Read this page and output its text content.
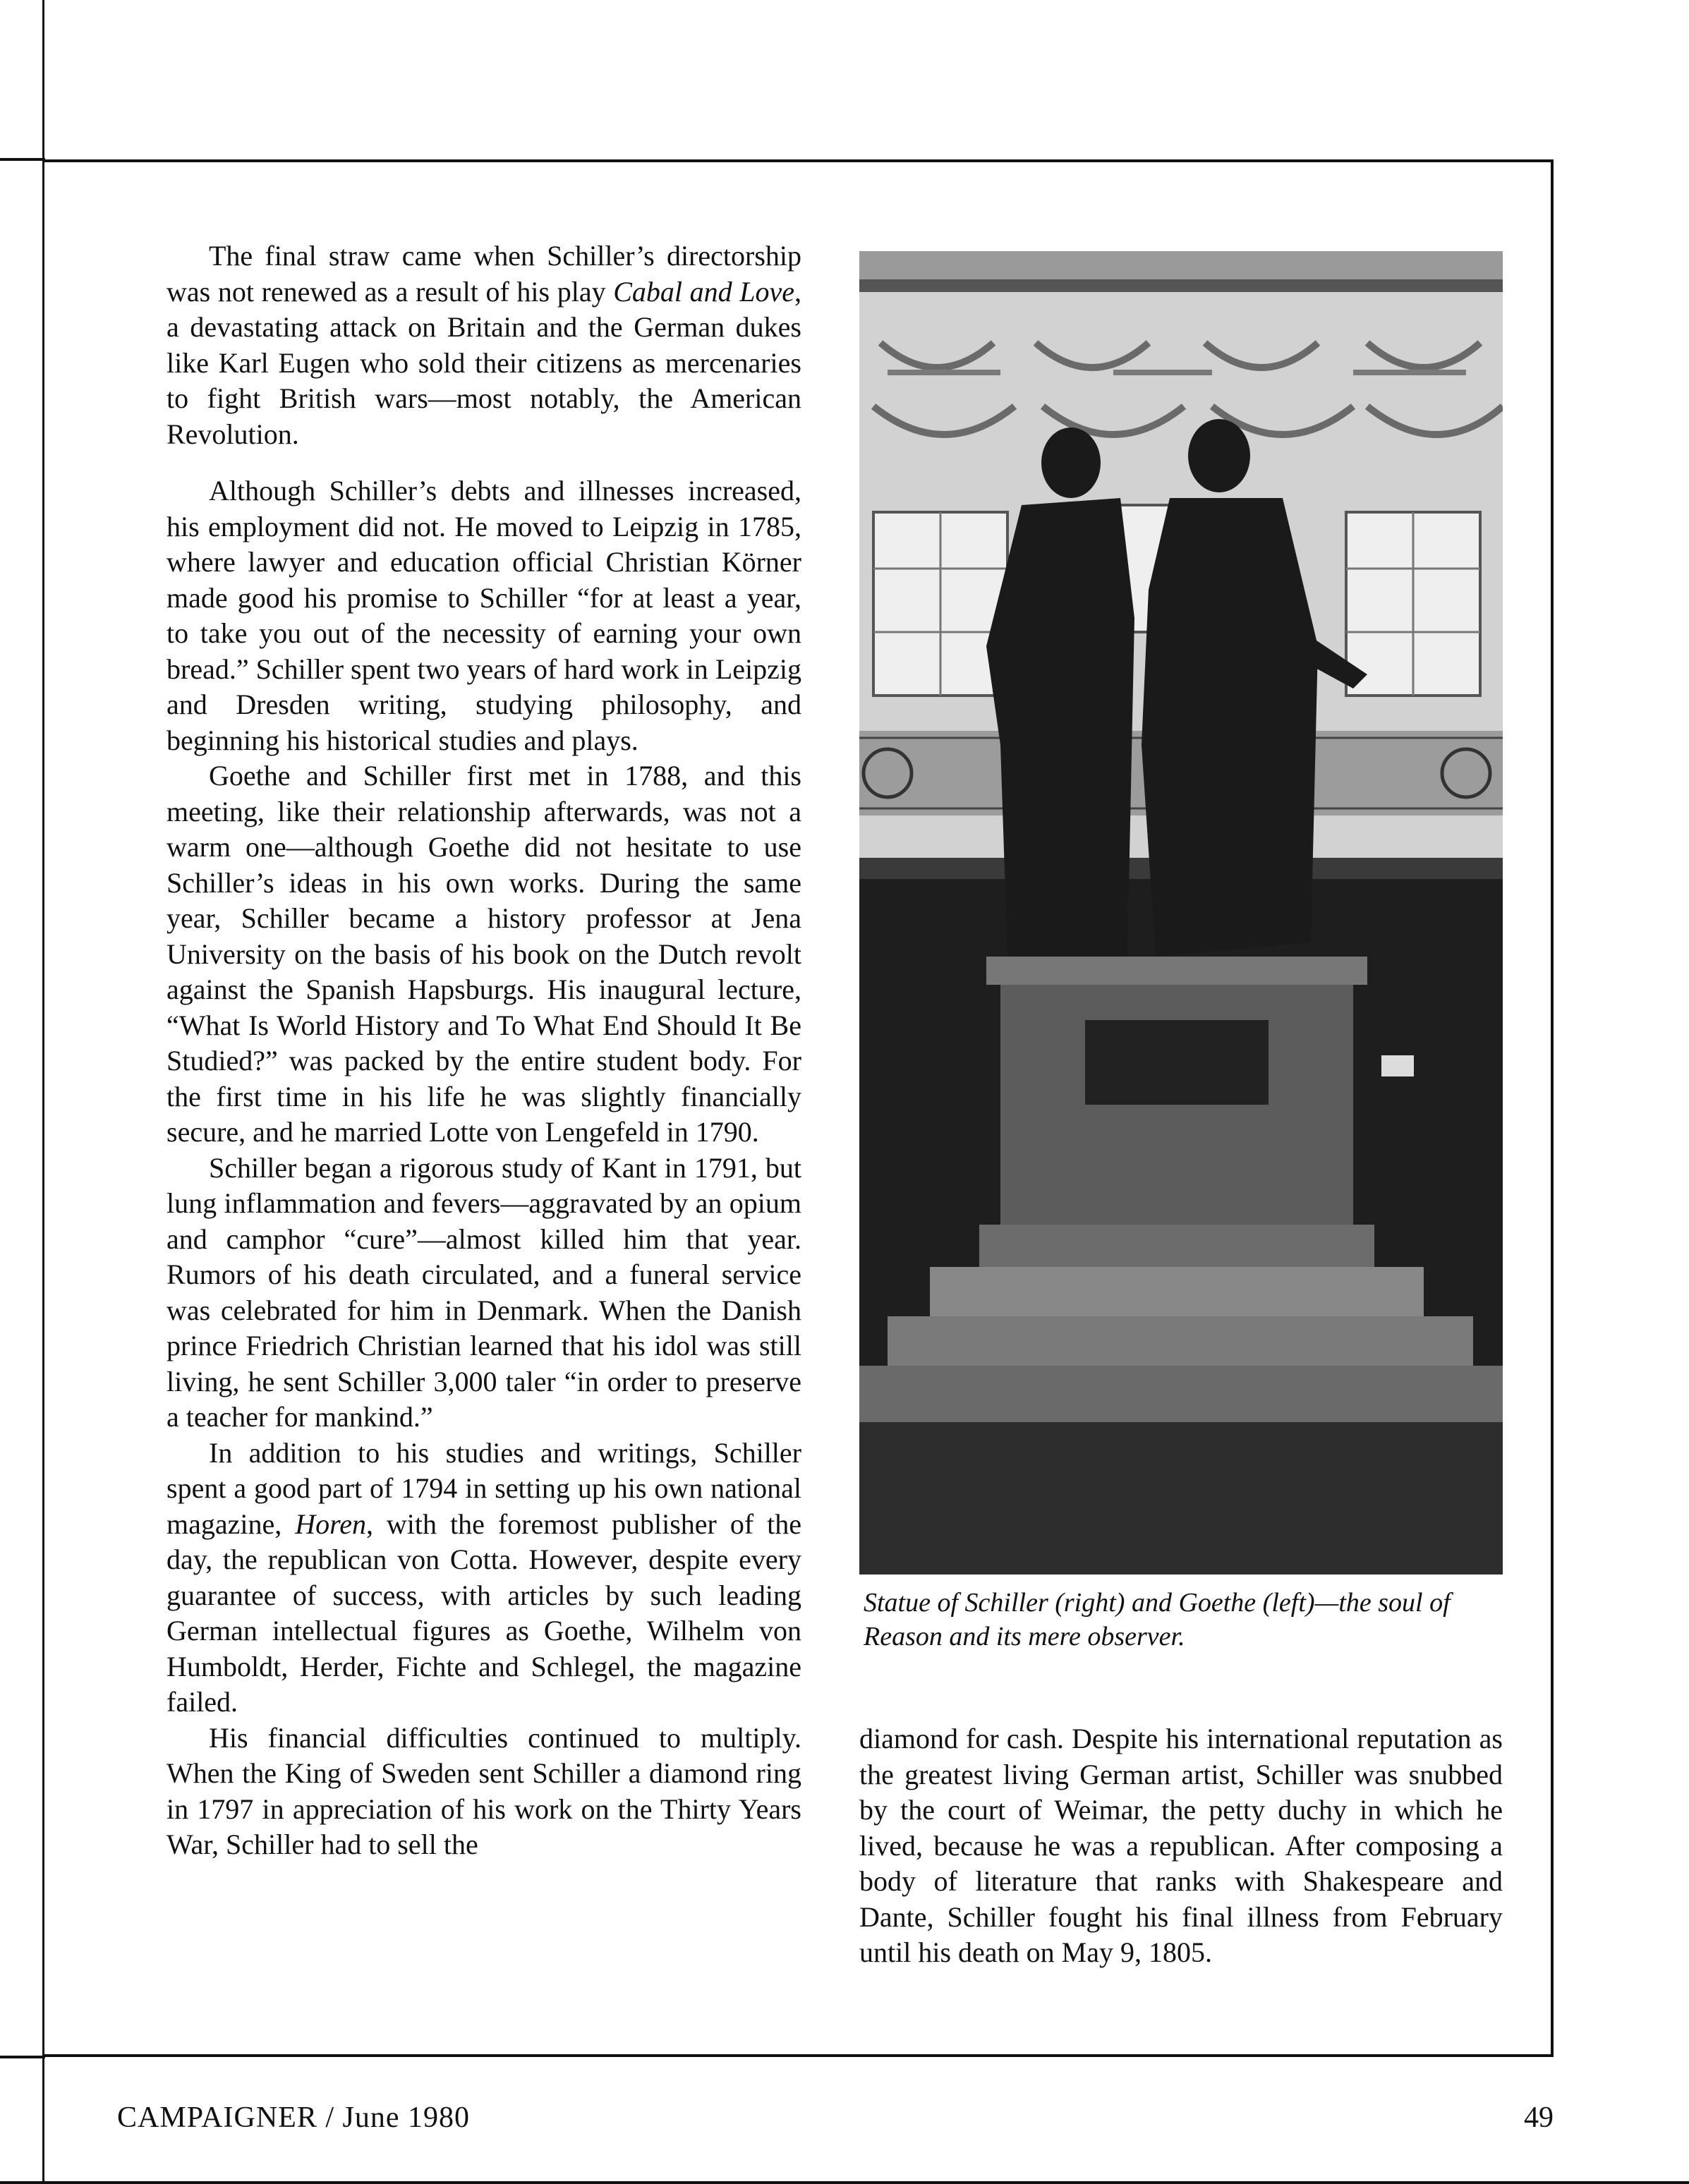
The final straw came when Schiller’s directorship was not renewed as a result of his play Cabal and Love, a devastating attack on Britain and the German dukes like Karl Eugen who sold their citizens as mercenaries to fight British wars—most notably, the American Revolution.

Although Schiller’s debts and illnesses increased, his employment did not. He moved to Leipzig in 1785, where lawyer and education official Christian Körner made good his promise to Schiller “for at least a year, to take you out of the necessity of earning your own bread.” Schiller spent two years of hard work in Leipzig and Dresden writing, studying philosophy, and beginning his historical studies and plays.

Goethe and Schiller first met in 1788, and this meeting, like their relationship afterwards, was not a warm one—although Goethe did not hesitate to use Schiller’s ideas in his own works. During the same year, Schiller became a history professor at Jena University on the basis of his book on the Dutch revolt against the Spanish Hapsburgs. His inaugural lecture, “What Is World History and To What End Should It Be Studied?” was packed by the entire student body. For the first time in his life he was slightly financially secure, and he married Lotte von Lengefeld in 1790.

Schiller began a rigorous study of Kant in 1791, but lung inflammation and fevers—aggravated by an opium and camphor “cure”—almost killed him that year. Rumors of his death circulated, and a funeral service was celebrated for him in Denmark. When the Danish prince Friedrich Christian learned that his idol was still living, he sent Schiller 3,000 taler “in order to preserve a teacher for mankind.”

In addition to his studies and writings, Schiller spent a good part of 1794 in setting up his own national magazine, Horen, with the foremost publisher of the day, the republican von Cotta. However, despite every guarantee of success, with articles by such leading German intellectual figures as Goethe, Wilhelm von Humboldt, Herder, Fichte and Schlegel, the magazine failed.

His financial difficulties continued to multiply. When the King of Sweden sent Schiller a diamond ring in 1797 in appreciation of his work on the Thirty Years War, Schiller had to sell the

Statue of Schiller (right) and Goethe (left)—the soul of Reason and its mere observer.

diamond for cash. Despite his international reputation as the greatest living German artist, Schiller was snubbed by the court of Weimar, the petty duchy in which he lived, because he was a republican. After composing a body of literature that ranks with Shakespeare and Dante, Schiller fought his final illness from February until his death on May 9, 1805.

CAMPAIGNER / June 1980	49
